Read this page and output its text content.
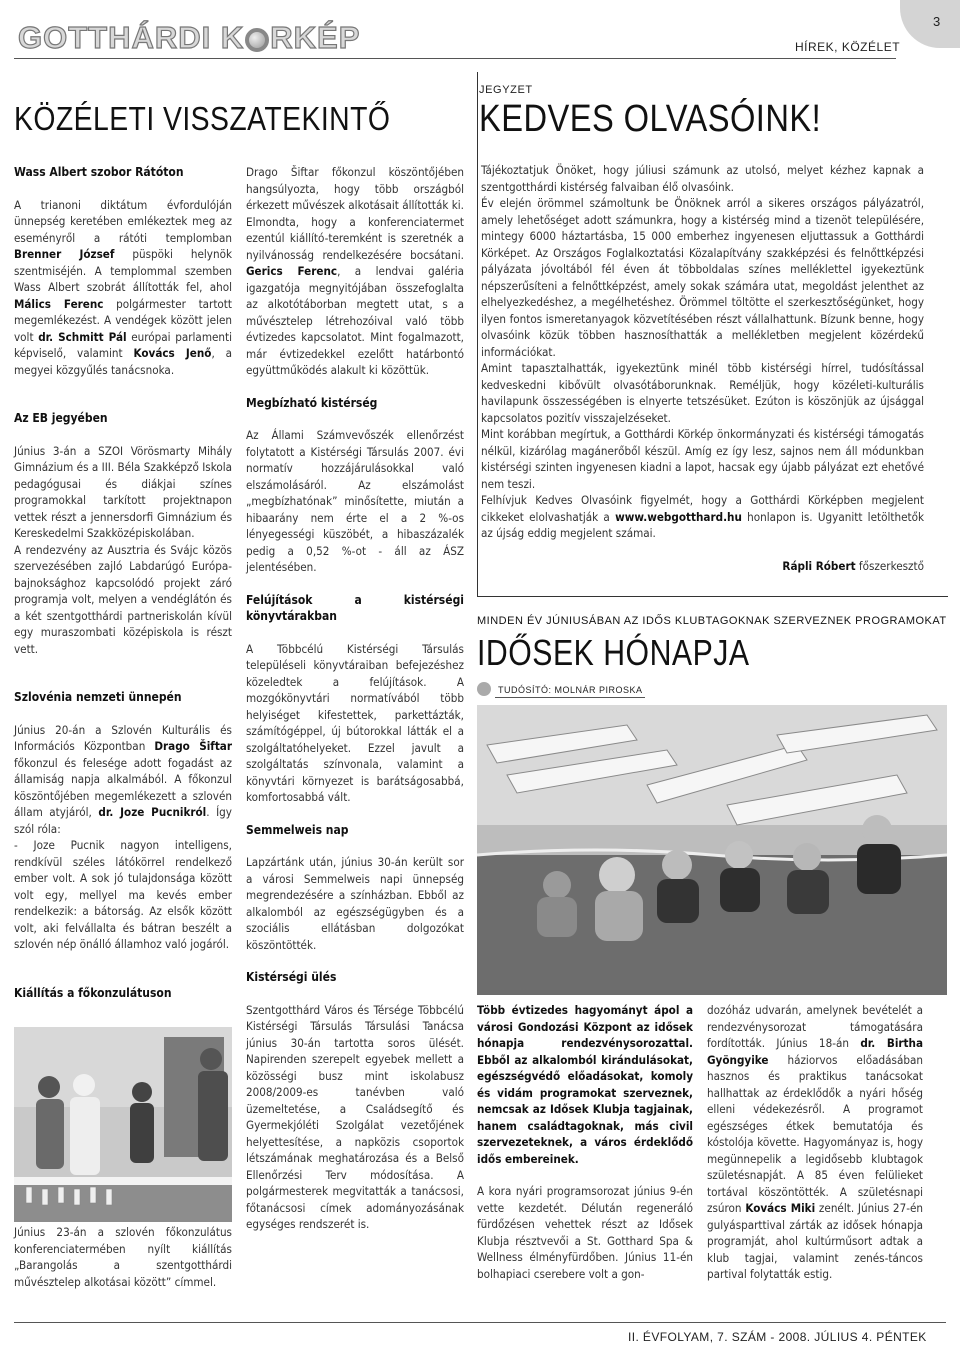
GOTTHÁRDI K RKÉP	HÍREK, KÖZÉLET
3
KÖZÉLETI VISSZATEKINTŐ

Wass Albert szobor Rátóton

A trianoni diktátum évfordulóján ünnepség keretében emlékeztek meg az eseményről a rátóti templomban Brenner József püspöki helynök szentmiséjén. A templommal szemben Wass Albert szobrát állították fel, ahol Málics Ferenc polgármester tartott megemlékezést. A vendégek között jelen volt dr. Schmitt Pál európai parlamenti képviselő, valamint Kovács Jenő, a megyei közgyűlés tanácsnoka.

Az EB jegyében

Június 3-án a SZOI Vörösmarty Mihály Gimnázium és a III. Béla Szakképző Iskola pedagógusai és diákjai színes programokkal tarkított projektnapon vettek részt a jennersdorfi Gimnázium és Kereskedelmi Szakközépiskolában.

A rendezvény az Ausztria és Svájc közös szervezésében zajló Labdarúgó Európa-bajnoksághoz kapcsolódó projekt záró programja volt, melyen a vendéglátón és a két szentgotthárdi partneriskolán kívül egy muraszombati középiskola is részt vett.

Szlovénia nemzeti ünnepén

Június 20-án a Szlovén Kulturális és Információs Központban Drago Šiftar főkonzul és felesége adott fogadást az államiság napja alkalmából. A főkonzul köszöntőjében megemlékezett a szlovén állam atyjáról, dr. Joze Pucnikról. Így szól róla:

- Joze Pucnik nagyon intelligens, rendkívül széles látókörrel rendelkező ember volt. A sok jó tulajdonsága között volt egy, mellyel ma kevés ember rendelkezik: a bátorság. Az elsők között volt, aki felvállalta és bátran beszélt a szlovén nép önálló államhoz való jogáról.

Kiállítás a főkonzulátuson

Június 23-án a szlovén főkonzulátus konferenciatermében nyílt kiállítás „Barangolás a szentgotthárdi művésztelep alkotásai között” címmel.

Drago Šiftar főkonzul köszöntőjében hangsúlyozta, hogy több országból érkezett művészek alkotásait állították ki. Elmondta, hogy a konferenciatermet ezentúl kiállító-teremként is szeretnék a nyilvánosság rendelkezésére bocsátani. Gerics Ferenc, a lendvai galéria igazgatója megnyitójában összefoglalta az alkotótáborban megtett utat, s a művésztelep létrehozóival való több évtizedes kapcsolatot. Mint fogalmazott, már évtizedekkel ezelőtt határbontó együttműködés alakult ki közöttük.

Megbízható kistérség

Az Állami Számvevőszék ellenőrzést folytatott a Kistérségi Társulás 2007. évi normatív hozzájárulásokkal való elszámolásáról. Az elszámolást „megbízhatónak” minősítette, miután a hibaarány nem érte el a 2 %-os lényegességi küszöbét, a hibaszázalék pedig a 0,52 %-ot - áll az ÁSZ jelentésében.

Felújítások a kistérségi könyvtárakban

A Többcélú Kistérségi Társulás településeli könyvtáraiban befejezéshez közeledtek a felújítások. A mozgókönyvtári normatívából több helyiséget kifestettek, parkettázták, számítógéppel, új bútorokkal látták el a szolgáltatóhelyeket. Ezzel javult a szolgáltatás színvonala, valamint a könyvtári környezet is barátságosabbá, komfortosabbá vált.

Semmelweis nap

Lapzártánk után, június 30-án került sor a városi Semmelweis napi ünnepség megrendezésére a színházban. Ebből az alkalomból az egészségügyben és a szociális ellátásban dolgozókat köszöntötték.

Kistérségi ülés

Szentgotthárd Város és Térsége Többcélú Kistérségi Társulás Társulási Tanácsa június 30-án tartotta soros ülését. Napirenden szerepelt egyebek mellett a közösségi busz mint iskolabusz 2008/2009-es tanévben való üzemeltetése, a Családsegítő és Gyermekjóléti Szolgálat vezetőjének helyettesítése, a napközis csoportok létszámának meghatározása és a Belső Ellenőrzési Terv módosítása. A polgármesterek megvitatták a tanácsosi, főtanácsosi címek adományozásának egységes rendszerét is.

JEGYZET
KEDVES OLVASÓINK!

Tájékoztatjuk Önöket, hogy júliusi számunk az utolsó, melyet kézhez kapnak a szentgotthárdi kistérség falvaiban élő olvasóink.

Év elején örömmel számoltunk be Önöknek arról a sikeres országos pályázatról, amely lehetőséget adott számunkra, hogy a kistérség mind a tizenöt településére, mintegy 6000 háztartásba, 15 000 emberhez ingyenesen eljuttassuk a Gotthárdi Körképet. Az Országos Foglalkoztatási Közalapítvány szakképzési és felnőttképzési pályázata jóvoltából fél éven át többoldalas színes melléklettel igyekeztünk népszerűsíteni a felnőttképzést, amely sokak számára utat, megoldást jelenthet az elhelyezkedéshez, a megélhetéshez. Örömmel töltötte el szerkesztőségünket, hogy ilyen fontos ismeretanyagok közvetítésében részt vállalhattunk. Bízunk benne, hogy olvasóink közük többen hasznosíthatták a mellékletben megjelent közérdekű információkat.

Amint tapasztalhatták, igyekeztünk minél több kistérségi hírrel, tudósítással kedveskedni kibővült olvasótáborunknak. Reméljük, hogy közéleti-kulturális havilapunk összességében is elnyerte tetszésüket. Ezúton is köszönjük az újsággal kapcsolatos pozitív visszajelzéseket.

Mint korábban megírtuk, a Gotthárdi Körkép önkormányzati és kistérségi támogatás nélkül, kizárólag magánerőből készül. Amíg ez így lesz, sajnos nem áll módunkban kistérségi szinten ingyenesen kiadni a lapot, hacsak egy újabb pályázat ezt ehetővé nem teszi.

Felhívjuk Kedves Olvasóink figyelmét, hogy a Gotthárdi Körképben megjelent cikkeket elolvashatják a www.webgotthard.hu honlapon is. Ugyanitt letölthetők az újság eddig megjelent számai.

Rápli Róbert főszerkesztő

MINDEN ÉV JÚNIUSÁBAN AZ IDŐS KLUBTAGOKNAK SZERVEZNEK PROGRAMOKAT
IDŐSEK HÓNAPJA
TUDÓSÍTÓ: MOLNÁR PIROSKA

Több évtizedes hagyományt ápol a városi Gondozási Központ az idősek hónapja rendezvénysorozattal. Ebből az alkalomból kirándulásokat, egészségvédő előadásokat, komoly és vidám programokat szerveznek, nemcsak az Idősek Klubja tagjainak, hanem családtagoknak, más civil szervezeteknek, a város érdeklődő idős embereinek.

A kora nyári programsorozat június 9-én vette kezdetét. Délután regeneráló fürdőzésen vehettek részt az Idősek Klubja résztvevői a St. Gotthard Spa & Wellness élményfürdőben. Június 11-én bolhapiaci cserebere volt a gon-

dozóház udvarán, amelynek bevételét a rendezvénysorozat támogatására fordították. Június 18-án dr. Birtha Gyöngyike háziorvos előadásában hasznos és praktikus tanácsokat hallhattak az érdeklődők a nyári hőség elleni védekezésről. A programot egészséges étkek bemutatója és kóstolója követte. Hagyományaz is, hogy megünnepelik a legidősebb klubtagok születésnapját. A 85 éven felülieket tortával köszöntötték. A születésnapi zsúron Kovács Miki zenélt. Június 27-én gulyásparttival zárták az idősek hónapja programját, ahol kultúrműsort adtak a klub tagjai, valamint zenés-táncos partival folytatták estig.

II. ÉVFOLYAM, 7. SZÁM - 2008. JÚLIUS 4. PÉNTEK
